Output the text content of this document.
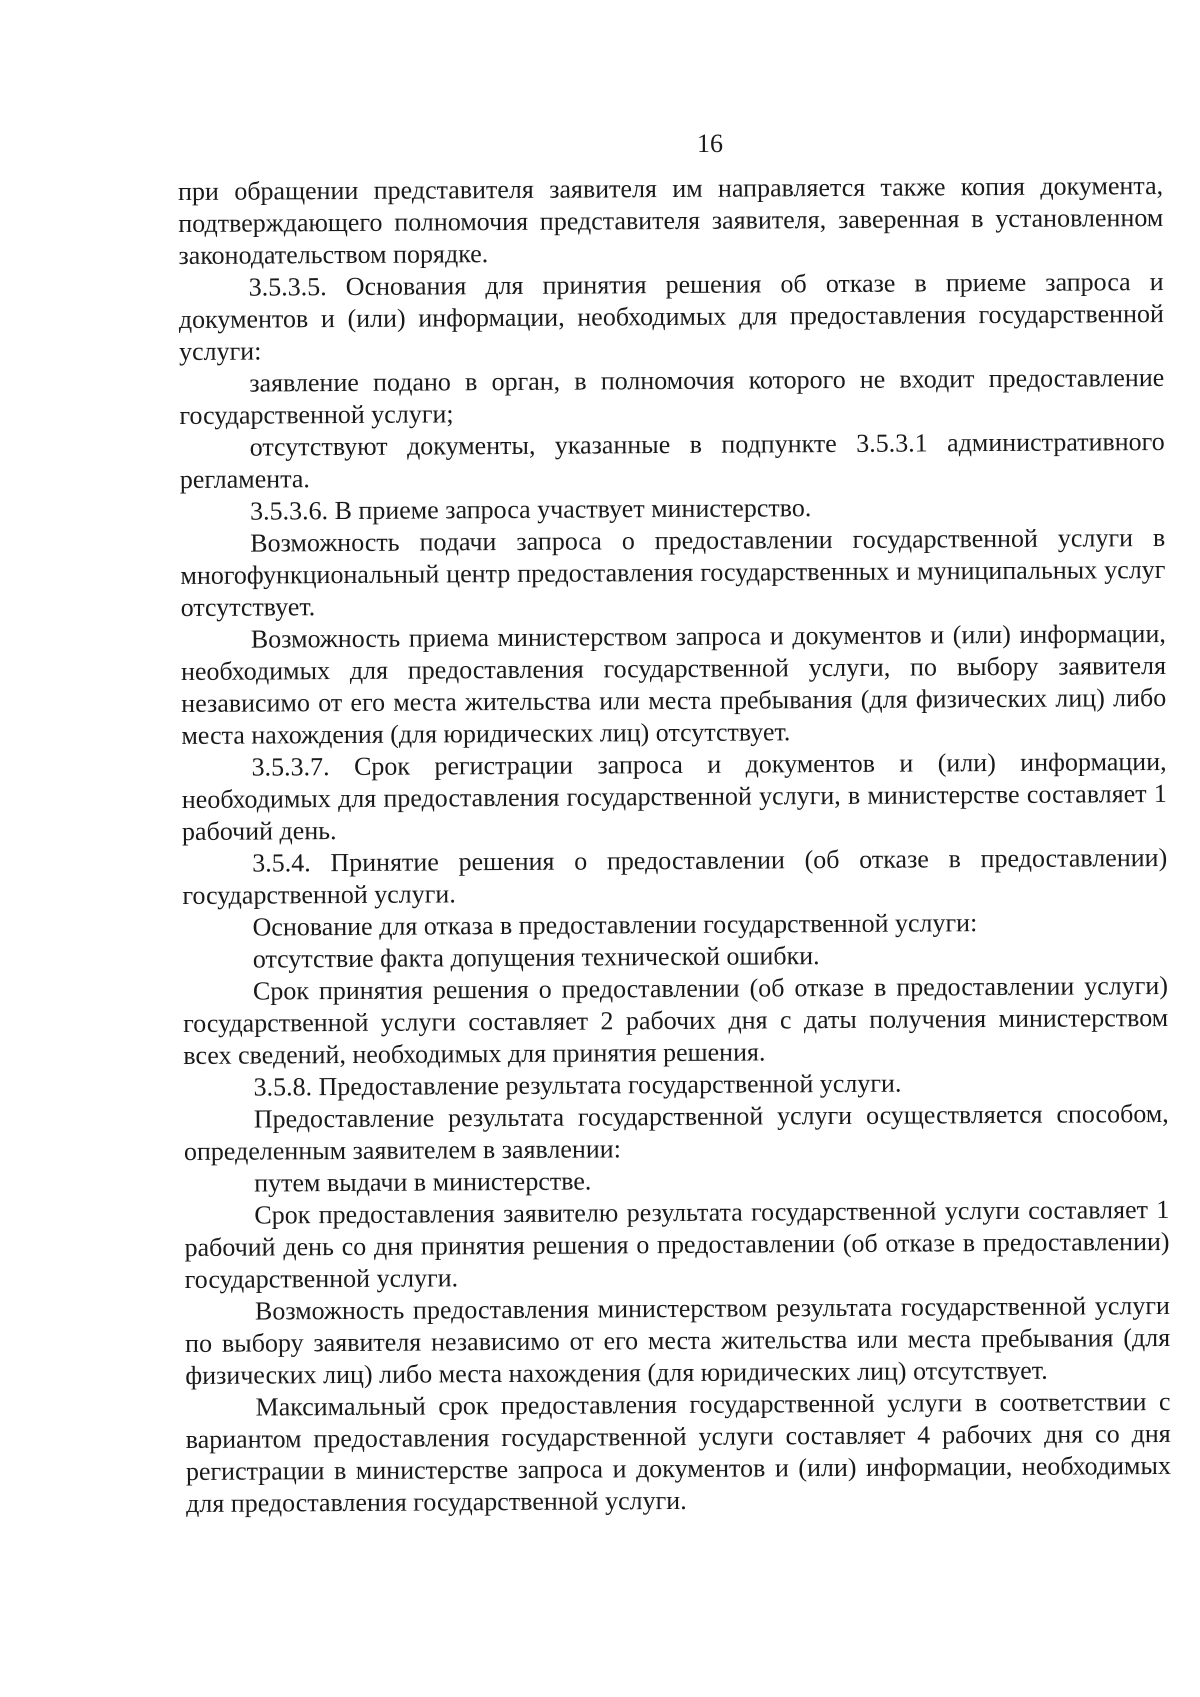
16

при обращении представителя заявителя им направляется также копия документа, подтверждающего полномочия представителя заявителя, заверенная в установленном законодательством порядке.

3.5.3.5. Основания для принятия решения об отказе в приеме запроса и документов и (или) информации, необходимых для предоставления государственной услуги:

заявление подано в орган, в полномочия которого не входит предоставление государственной услуги;

отсутствуют документы, указанные в подпункте 3.5.3.1 административного регламента.

3.5.3.6. В приеме запроса участвует министерство.

Возможность подачи запроса о предоставлении государственной услуги в многофункциональный центр предоставления государственных и муниципальных услуг отсутствует.

Возможность приема министерством запроса и документов и (или) информации, необходимых для предоставления государственной услуги, по выбору заявителя независимо от его места жительства или места пребывания (для физических лиц) либо места нахождения (для юридических лиц) отсутствует.

3.5.3.7. Срок регистрации запроса и документов и (или) информации, необходимых для предоставления государственной услуги, в министерстве составляет 1 рабочий день.

3.5.4. Принятие решения о предоставлении (об отказе в предоставлении) государственной услуги.

Основание для отказа в предоставлении государственной услуги:

отсутствие факта допущения технической ошибки.

Срок принятия решения о предоставлении (об отказе в предоставлении услуги) государственной услуги составляет 2 рабочих дня с даты получения министерством всех сведений, необходимых для принятия решения.

3.5.8. Предоставление результата государственной услуги.

Предоставление результата государственной услуги осуществляется способом, определенным заявителем в заявлении:

путем выдачи в министерстве.

Срок предоставления заявителю результата государственной услуги составляет 1 рабочий день со дня принятия решения о предоставлении (об отказе в предоставлении) государственной услуги.

Возможность предоставления министерством результата государственной услуги по выбору заявителя независимо от его места жительства или места пребывания (для физических лиц) либо места нахождения (для юридических лиц) отсутствует.

Максимальный срок предоставления государственной услуги в соответствии с вариантом предоставления государственной услуги составляет 4 рабочих дня со дня регистрации в министерстве запроса и документов и (или) информации, необходимых для предоставления государственной услуги.
